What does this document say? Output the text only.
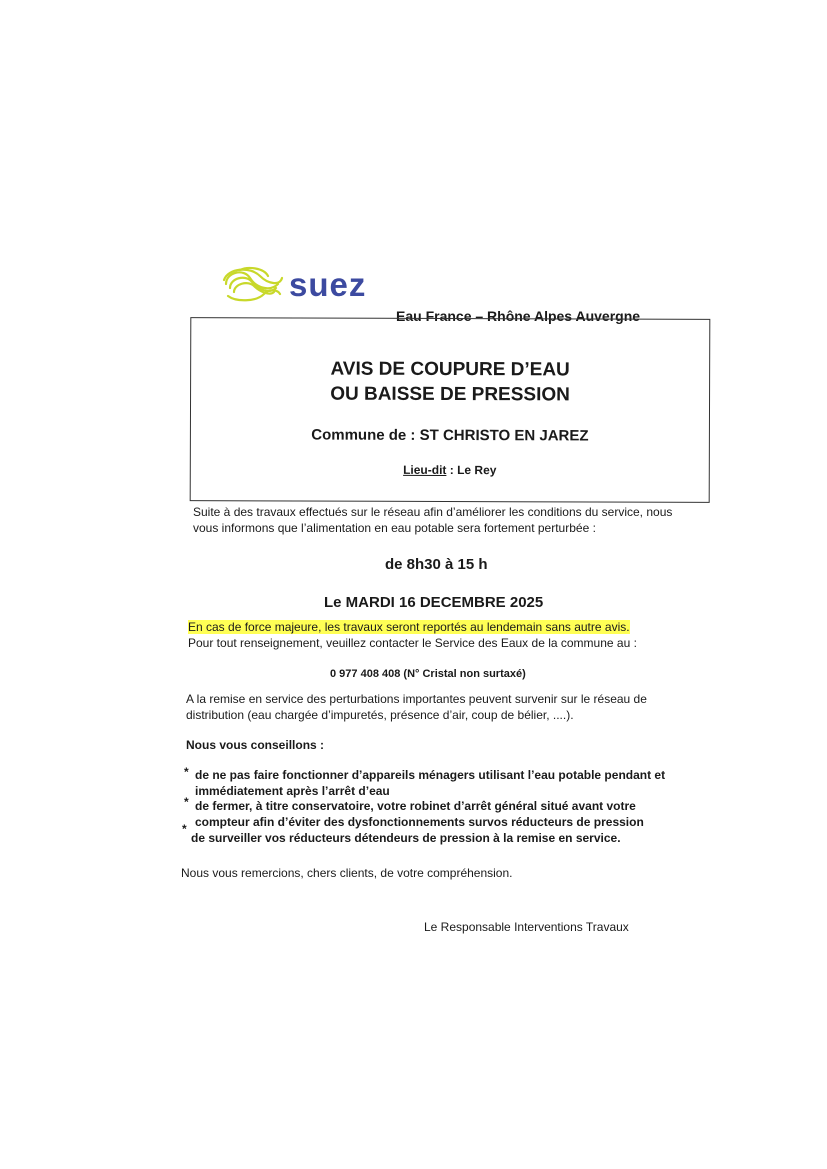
suez
Eau France – Rhône Alpes Auvergne
AVIS DE COUPURE D’EAU
OU BAISSE DE PRESSION
Commune de : ST CHRISTO EN JAREZ
Lieu-dit : Le Rey
Suite à des travaux effectués sur le réseau afin d’améliorer les conditions du service, nous
vous informons que l’alimentation en eau potable sera fortement perturbée :
de 8h30 à 15 h
Le MARDI 16 DECEMBRE 2025
En cas de force majeure, les travaux seront reportés au lendemain sans autre avis.
Pour tout renseignement, veuillez contacter le Service des Eaux de la commune au :
0 977 408 408 (N° Cristal non surtaxé)
A la remise en service des perturbations importantes peuvent survenir sur le réseau de
distribution (eau chargée d’impuretés, présence d’air, coup de bélier, ....).
Nous vous conseillons :
* de ne pas faire fonctionner d’appareils ménagers utilisant l’eau potable pendant et
immédiatement après l’arrêt d’eau
* de fermer, à titre conservatoire, votre robinet d’arrêt général situé avant votre
compteur afin d’éviter des dysfonctionnements survos réducteurs de pression
*
de surveiller vos réducteurs détendeurs de pression à la remise en service.
Nous vous remercions, chers clients, de votre compréhension.
Le Responsable Interventions Travaux
